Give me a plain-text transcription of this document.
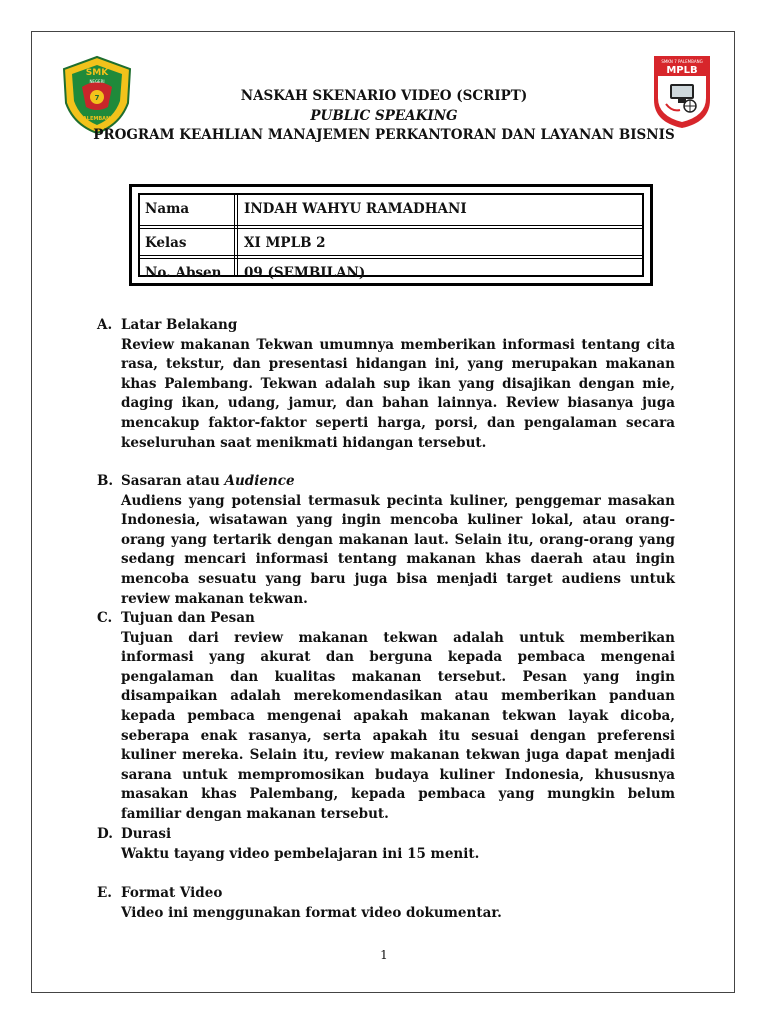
SMK
NEGERI
7
PALEMBANG
SMKN 7 PALEMBANG
MPLB
NASKAH SKENARIO VIDEO (SCRIPT)
PUBLIC SPEAKING
PROGRAM KEAHLIAN MANAJEMEN PERKANTORAN DAN LAYANAN BISNIS
Nama	INDAH WAHYU RAMADHANI
Kelas	XI MPLB 2
No. Absen 09 (SEMBILAN)
A. Latar Belakang
Review makanan Tekwan umumnya memberikan informasi tentang cita rasa, tekstur, dan presentasi hidangan ini, yang merupakan makanan khas Palembang. Tekwan adalah sup ikan yang disajikan dengan mie, daging ikan, udang, jamur, dan bahan lainnya. Review biasanya juga mencakup faktor-faktor seperti harga, porsi, dan pengalaman secara keseluruhan saat menikmati hidangan tersebut.
B. Sasaran atau Audience
Audiens yang potensial termasuk pecinta kuliner, penggemar masakan Indonesia, wisatawan yang ingin mencoba kuliner lokal, atau orang-orang yang tertarik dengan makanan laut. Selain itu, orang-orang yang sedang mencari informasi tentang makanan khas daerah atau ingin mencoba sesuatu yang baru juga bisa menjadi target audiens untuk review makanan tekwan.
C. Tujuan dan Pesan
Tujuan dari review makanan tekwan adalah untuk memberikan informasi yang akurat dan berguna kepada pembaca mengenai pengalaman dan kualitas makanan tersebut. Pesan yang ingin disampaikan adalah merekomendasikan atau memberikan panduan kepada pembaca mengenai apakah makanan tekwan layak dicoba, seberapa enak rasanya, serta apakah itu sesuai dengan preferensi kuliner mereka. Selain itu, review makanan tekwan juga dapat menjadi sarana untuk mempromosikan budaya kuliner Indonesia, khususnya masakan khas Palembang, kepada pembaca yang mungkin belum familiar dengan makanan tersebut.
D. Durasi
Waktu tayang video pembelajaran ini 15 menit.
E. Format Video
Video ini menggunakan format video dokumentar.
1
